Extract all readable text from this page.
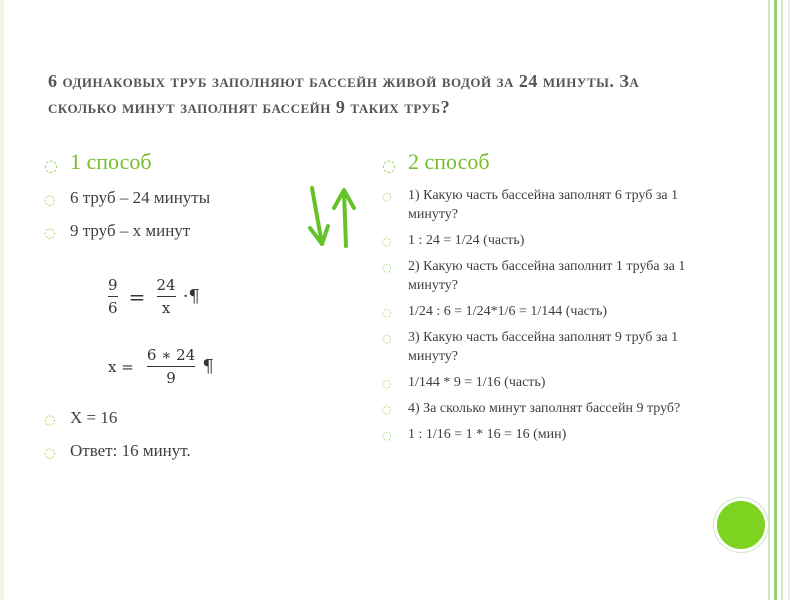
6 одинаковых труб заполняют бассейн живой водой за 24 минуты. За сколько минут заполнят бассейн 9 таких труб?
◌ 1 способ
◌ 6 труб – 24 минуты
◌ 9 труб – х минут
$\frac{9}{6} = \frac{24}{x}$ ·¶
$x = \frac{6 ∗ 24}{9}$ ¶
◌ Х = 16
◌ Ответ: 16 минут.
◌ 2 способ
◌ 1) Какую часть бассейна заполнят 6 труб за 1 минуту?
◌ 1 : 24 = 1/24 (часть)
◌ 2) Какую часть бассейна заполнит 1 труба за 1 минуту?
◌ 1/24 : 6 = 1/24*1/6 = 1/144 (часть)
◌ 3) Какую часть бассейна заполнят 9 труб за 1 минуту?
◌ 1/144 * 9 = 1/16 (часть)
◌ 4) За сколько минут заполнят бассейн 9 труб?
◌ 1 : 1/16 = 1 * 16 = 16 (мин)
